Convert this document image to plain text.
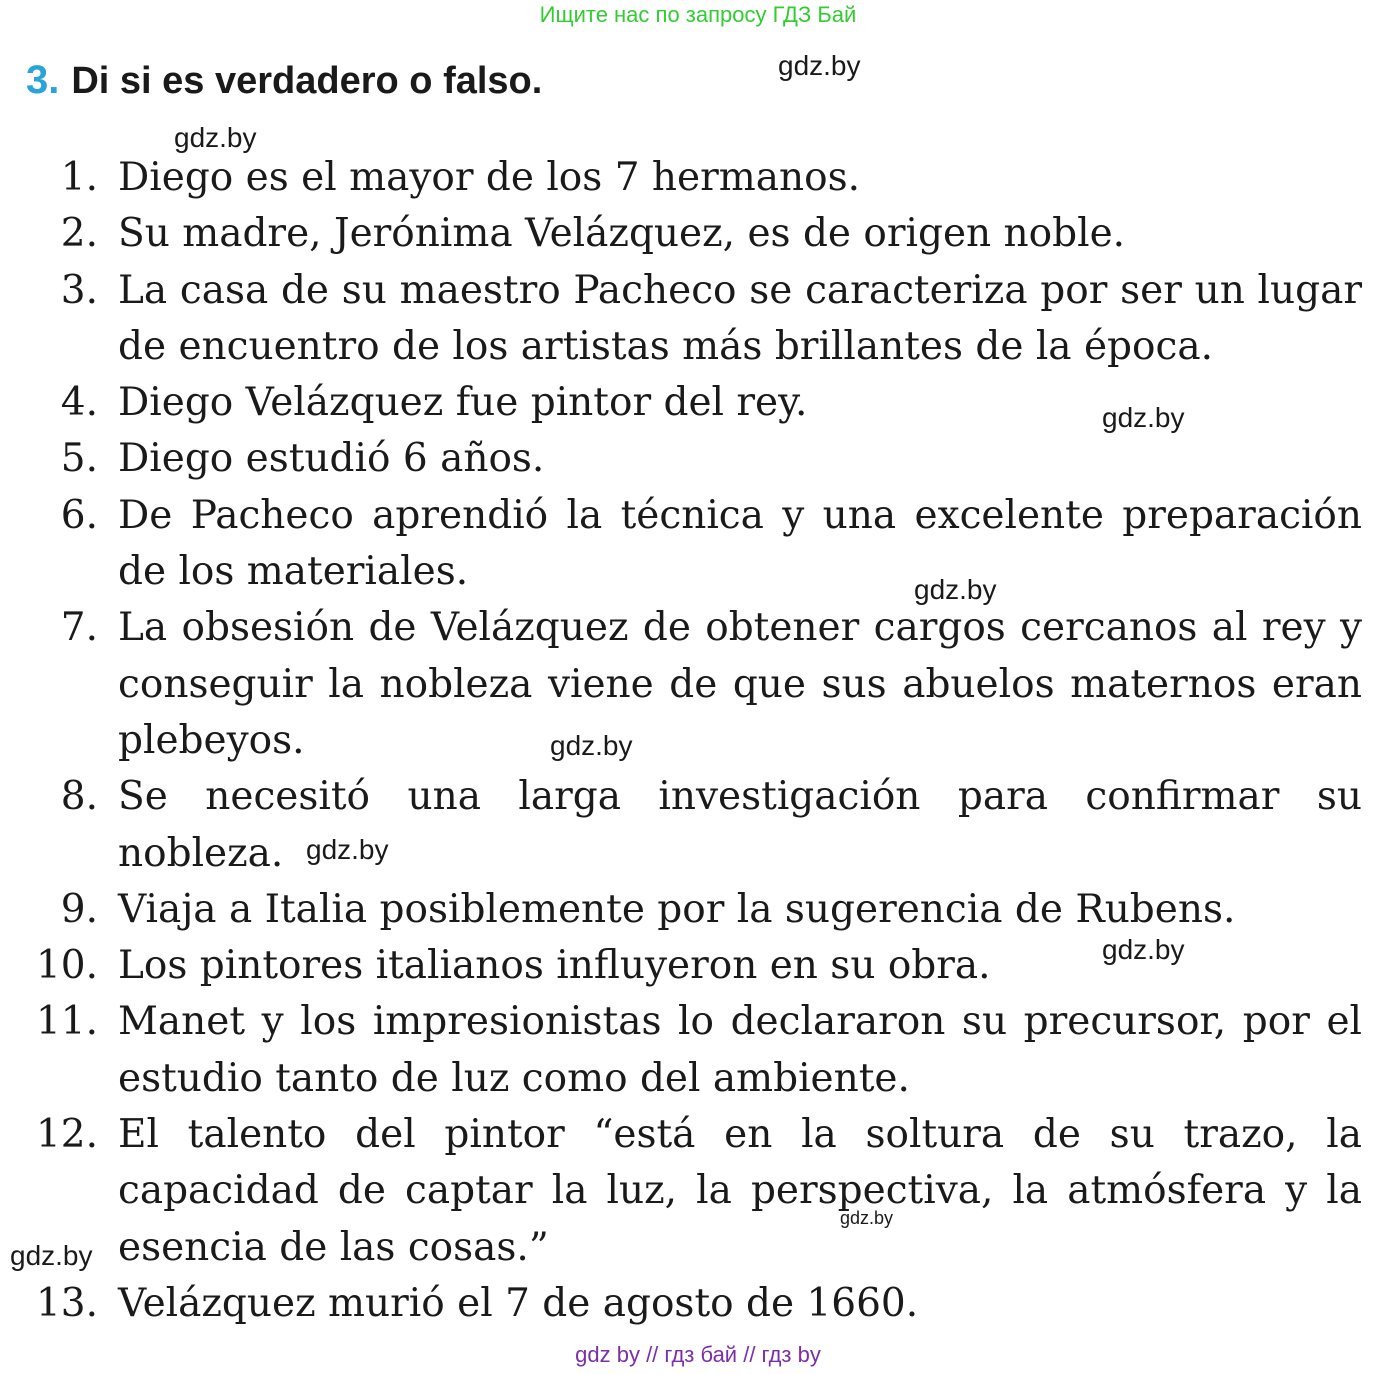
Ищите нас по запросу ГДЗ Бай
3. Di si es verdadero o falso.
1. Diego es el mayor de los 7 hermanos.
2. Su madre, Jerónima Velázquez, es de origen noble.
3. La casa de su maestro Pacheco se caracteriza por ser un lugar de encuentro de los artistas más brillantes de la época.
4. Diego Velázquez fue pintor del rey.
5. Diego estudió 6 años.
6. De Pacheco aprendió la técnica y una excelente preparación de los materiales.
7. La obsesión de Velázquez de obtener cargos cercanos al rey y conseguir la nobleza viene de que sus abuelos maternos eran plebeyos.
8. Se necesitó una larga investigación para confirmar su nobleza.
9. Viaja a Italia posiblemente por la sugerencia de Rubens.
10. Los pintores italianos influyeron en su obra.
11. Manet y los impresionistas lo declararon su precursor, por el estudio tanto de luz como del ambiente.
12. El talento del pintor “está en la soltura de su trazo, la capacidad de captar la luz, la perspectiva, la atmósfera y la esencia de las cosas.”
13. Velázquez murió el 7 de agosto de 1660.
gdz.by
gdz.by
gdz.by
gdz.by
gdz.by
gdz.by
gdz.by
gdz.by
gdz.by
gdz by // гдз бай // гдз by
